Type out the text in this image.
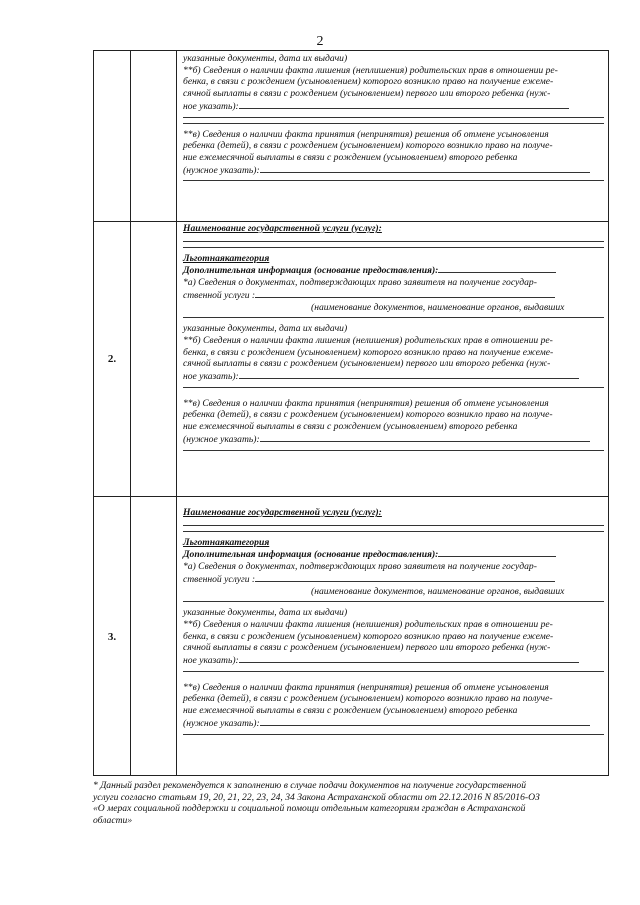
2
указанные документы, дата их выдачи)
**б) Сведения о наличии факта лишения (неплишения) родительских прав в отношении ре-
бенка, в связи с рождением (усыновлением) которого возникло право на получение ежеме-
сячной выплаты в связи с рождением (усыновлением) первого или второго ребенка (нуж-
ное указать):
**в) Сведения о наличии факта принятия (непринятия) решения об отмене усыновления
ребенка (детей), в связи с рождением (усыновлением) которого возникло право на получе-
ние ежемесячной выплаты в связи с рождением (усыновлением) второго ребенка
(нужное указать):
2.
Наименование государственной услуги (услуг):
Льготнаякатегория
Дополнительная информация (основание предоставления):
*а) Сведения о документах, подтверждающих право заявителя на получение государ-
ственной услуги :
(наименование документов, наименование органов, выдавших
указанные документы, дата их выдачи)
**б) Сведения о наличии факта лишения (нелишения) родительских прав в отношении ре-
бенка, в связи с рождением (усыновлением) которого возникло право на получение ежеме-
сячной выплаты в связи с рождением (усыновлением) первого или второго ребенка (нуж-
ное указать):
**в) Сведения о наличии факта принятия (непринятия) решения об отмене усыновления
ребенка (детей), в связи с рождением (усыновлением) которого возникло право на получе-
ние ежемесячной выплаты в связи с рождением (усыновлением) второго ребенка
(нужное указать):
3.
Наименование государственной услуги (услуг):
Льготнаякатегория
Дополнительная информация (основание предоставления):
*а) Сведения о документах, подтверждающих право заявителя на получение государ-
ственной услуги :
(наименование документов, наименование органов, выдавших
указанные документы, дата их выдачи)
**б) Сведения о наличии факта лишения (нелишения) родительских прав в отношении ре-
бенка, в связи с рождением (усыновлением) которого возникло право на получение ежеме-
сячной выплаты в связи с рождением (усыновлением) первого или второго ребенка (нуж-
ное указать):
**в) Сведения о наличии факта принятия (непринятия) решения об отмене усыновления
ребенка (детей), в связи с рождением (усыновлением) которого возникло право на получе-
ние ежемесячной выплаты в связи с рождением (усыновлением) второго ребенка
(нужное указать):
* Данный раздел рекомендуется к заполнению в случае подачи документов на получение государственной
услуги согласно статьям 19, 20, 21, 22, 23, 24, 34 Закона Астраханской области от 22.12.2016 N 85/2016-ОЗ
«О мерах социальной поддержки и социальной помощи отдельным категориям граждан в Астраханской
области»
